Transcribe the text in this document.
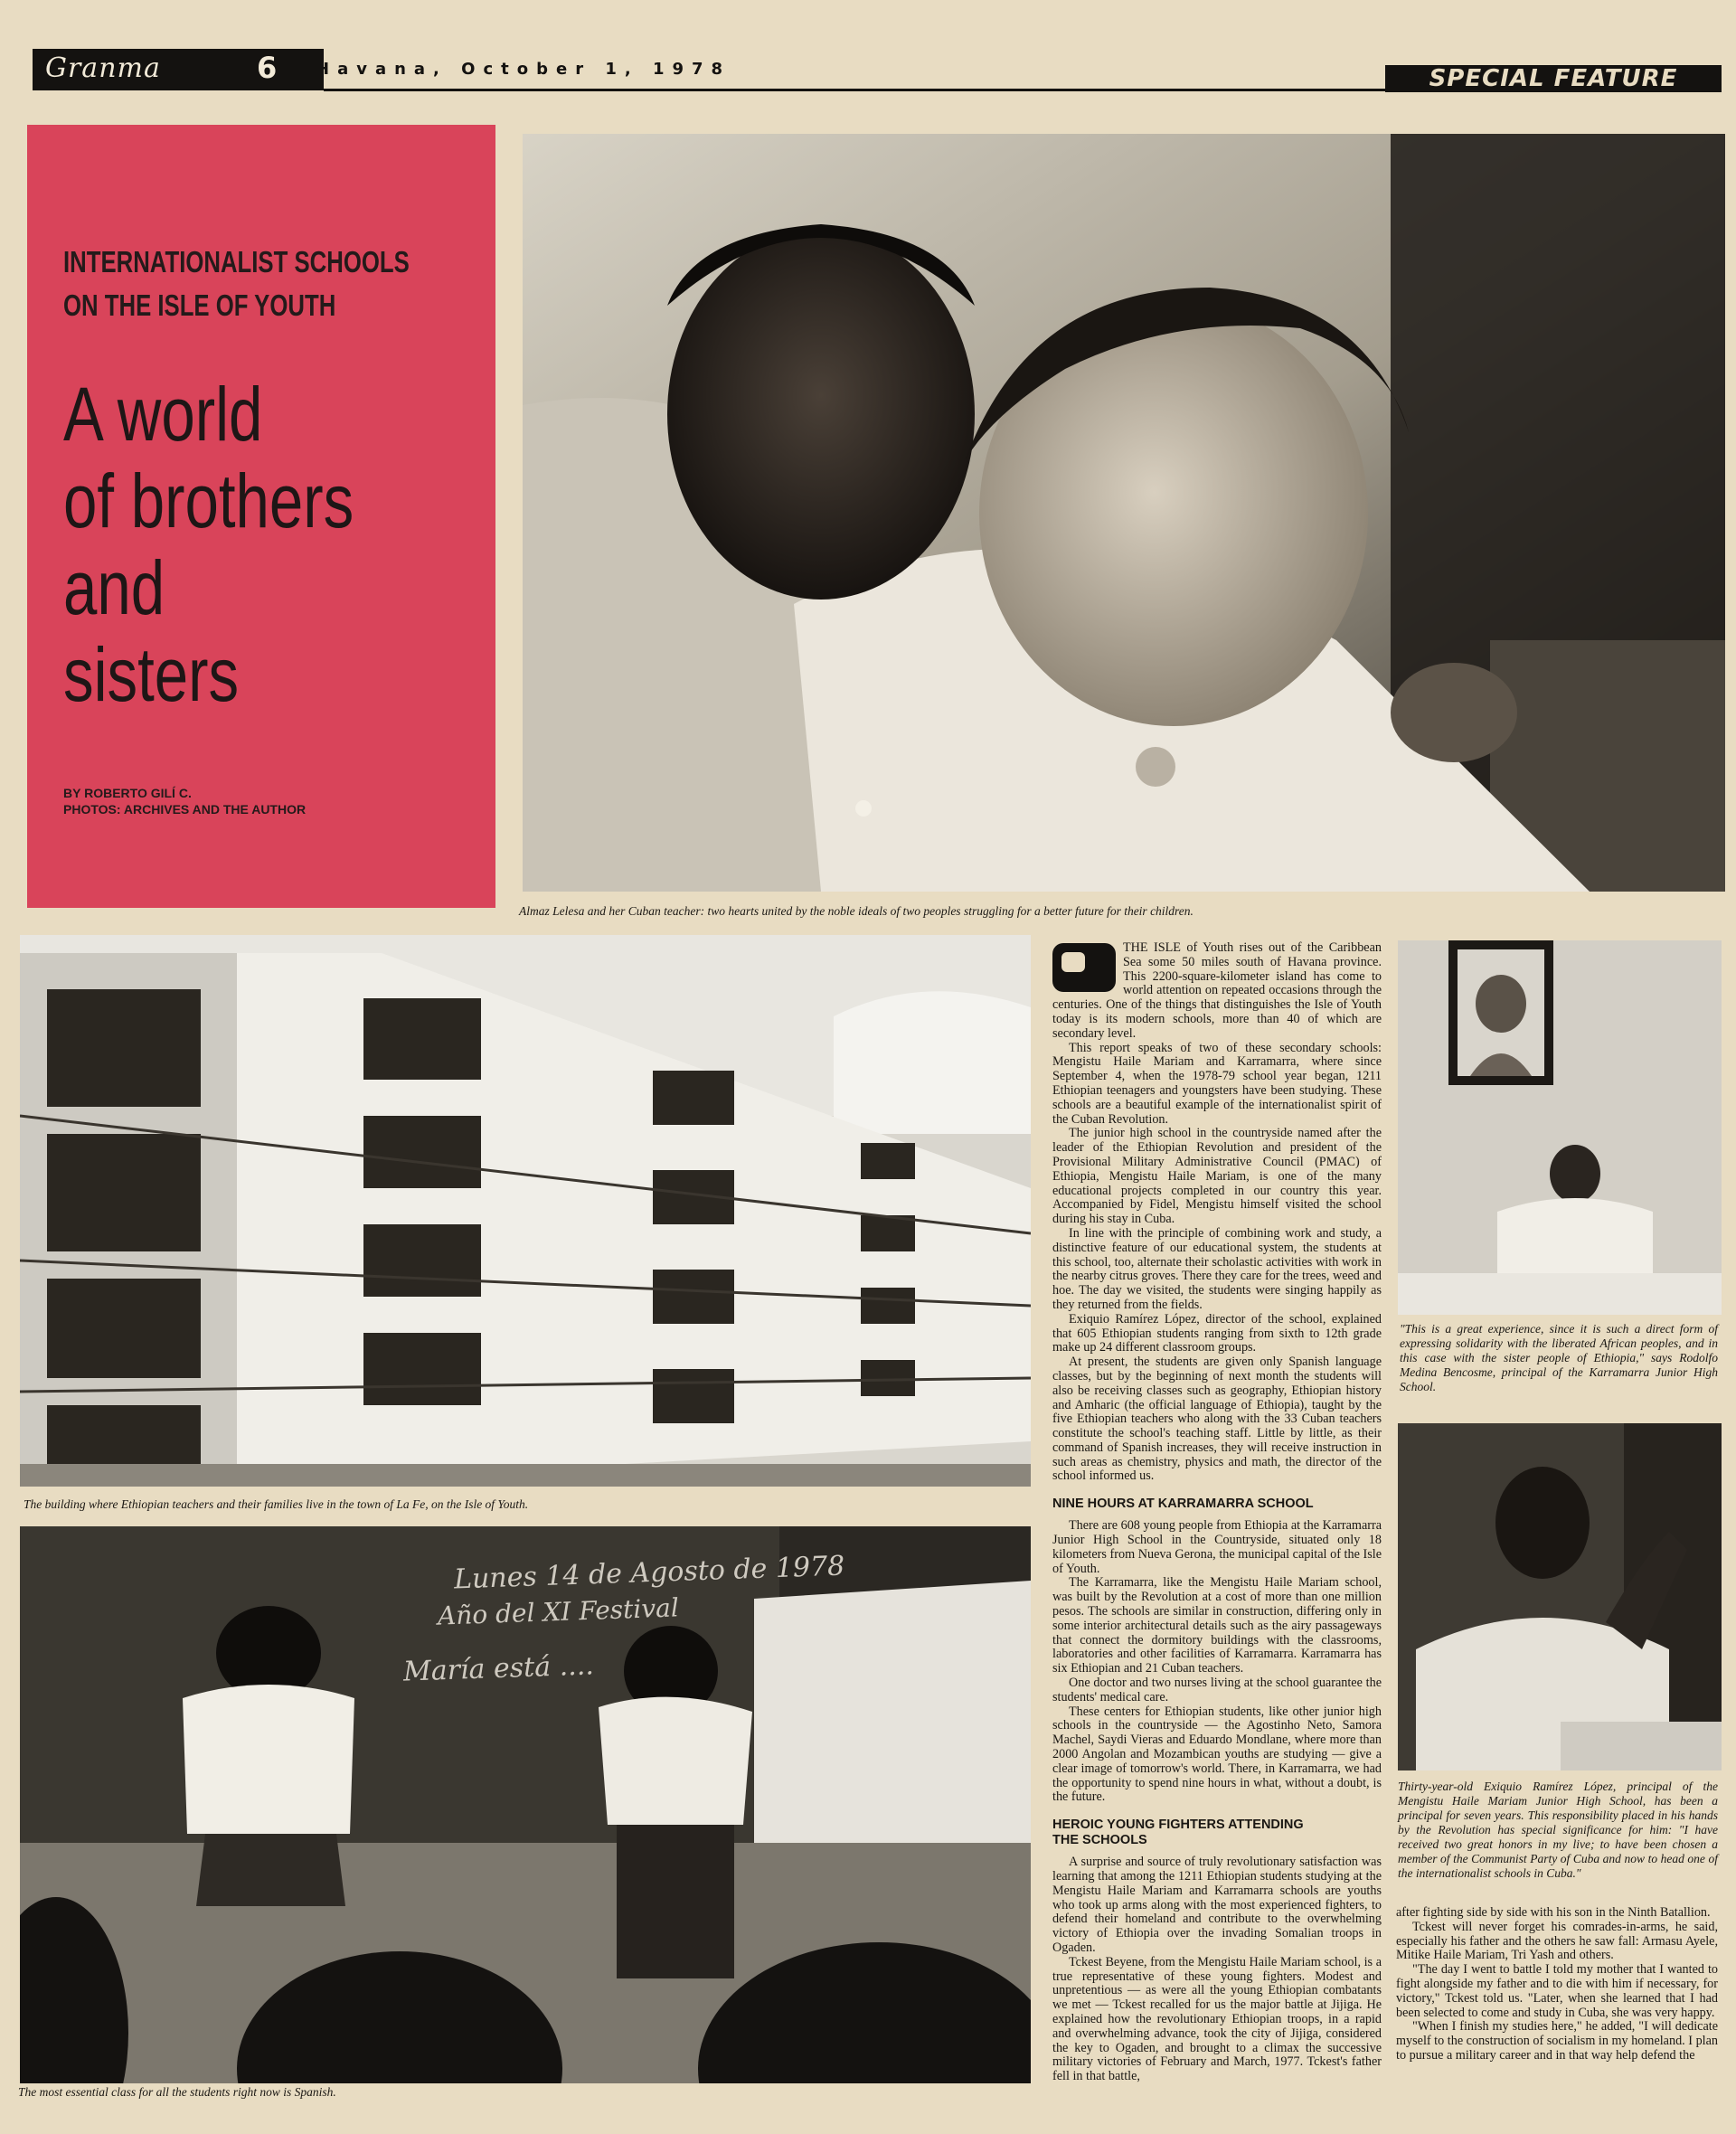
Granma	6 Havana, October 1, 1978	SPECIAL FEATURE
INTERNATIONALIST SCHOOLS
ON THE ISLE OF YOUTH
A world
of brothers
and
sisters
BY ROBERTO GILÍ C.
PHOTOS: ARCHIVES AND THE AUTHOR
Almaz Lelesa and her Cuban teacher: two hearts united by the noble ideals of two peoples struggling for a better future for their children.
The building where Ethiopian teachers and their families live in the town of La Fe, on the Isle of Youth.
Lunes 14 de Agosto de 1978
Año del XI Festival
María está ....
The most essential class for all the students right now is Spanish.
"This is a great experience, since it is such a direct form of expressing solidarity with the liberated African peoples, and in this case with the sister people of Ethiopia," says Rodolfo Medina Bencosme, principal of the Karramarra Junior High School.
Thirty-year-old Exiquio Ramírez López, principal of the Mengistu Haile Mariam Junior High School, has been a principal for seven years. This responsibility placed in his hands by the Revolution has special significance for him: "I have received two great honors in my live; to have been chosen a member of the Communist Party of Cuba and now to head one of the internationalist schools in Cuba."

THE ISLE of Youth rises out of the Caribbean Sea some 50 miles south of Havana province. This 2200-square-kilometer island has come to world attention on repeated occasions through the centuries. One of the things that distinguishes the Isle of Youth today is its modern schools, more than 40 of which are secondary level.

This report speaks of two of these secondary schools: Mengistu Haile Mariam and Karramarra, where since September 4, when the 1978-79 school year began, 1211 Ethiopian teenagers and youngsters have been studying. These schools are a beautiful example of the internationalist spirit of the Cuban Revolution.

The junior high school in the countryside named after the leader of the Ethiopian Revolution and president of the Provisional Military Administrative Council (PMAC) of Ethiopia, Mengistu Haile Mariam, is one of the many educational projects completed in our country this year. Accompanied by Fidel, Mengistu himself visited the school during his stay in Cuba.

In line with the principle of combining work and study, a distinctive feature of our educational system, the students at this school, too, alternate their scholastic activities with work in the nearby citrus groves. There they care for the trees, weed and hoe. The day we visited, the students were singing happily as they returned from the fields.

Exiquio Ramírez López, director of the school, explained that 605 Ethiopian students ranging from sixth to 12th grade make up 24 different classroom groups.

At present, the students are given only Spanish language classes, but by the beginning of next month the students will also be receiving classes such as geography, Ethiopian history and Amharic (the official language of Ethiopia), taught by the five Ethiopian teachers who along with the 33 Cuban teachers constitute the school's teaching staff. Little by little, as their command of Spanish increases, they will receive instruction in such areas as chemistry, physics and math, the director of the school informed us.

NINE HOURS AT KARRAMARRA SCHOOL

There are 608 young people from Ethiopia at the Karramarra Junior High School in the Countryside, situated only 18 kilometers from Nueva Gerona, the municipal capital of the Isle of Youth.

The Karramarra, like the Mengistu Haile Mariam school, was built by the Revolution at a cost of more than one million pesos. The schools are similar in construction, differing only in some interior architectural details such as the airy passageways that connect the dormitory buildings with the classrooms, laboratories and other facilities of Karramarra. Karramarra has six Ethiopian and 21 Cuban teachers.

One doctor and two nurses living at the school guarantee the students' medical care.

These centers for Ethiopian students, like other junior high schools in the countryside — the Agostinho Neto, Samora Machel, Saydi Vieras and Eduardo Mondlane, where more than 2000 Angolan and Mozambican youths are studying — give a clear image of tomorrow's world. There, in Karramarra, we had the opportunity to spend nine hours in what, without a doubt, is the future.

HEROIC YOUNG FIGHTERS ATTENDING
THE SCHOOLS

A surprise and source of truly revolutionary satisfaction was learning that among the 1211 Ethiopian students studying at the Mengistu Haile Mariam and Karramarra schools are youths who took up arms along with the most experienced fighters, to defend their homeland and contribute to the overwhelming victory of Ethiopia over the invading Somalian troops in Ogaden.

Tckest Beyene, from the Mengistu Haile Mariam school, is a true representative of these young fighters. Modest and unpretentious — as were all the young Ethiopian combatants we met — Tckest recalled for us the major battle at Jijiga. He explained how the revolutionary Ethiopian troops, in a rapid and overwhelming advance, took the city of Jijiga, considered the key to Ogaden, and brought to a climax the successive military victories of February and March, 1977. Tckest's father fell in that battle,

after fighting side by side with his son in the Ninth Batallion.

Tckest will never forget his comrades-in-arms, he said, especially his father and the others he saw fall: Armasu Ayele, Mitike Haile Mariam, Tri Yash and others.

"The day I went to battle I told my mother that I wanted to fight alongside my father and to die with him if necessary, for victory," Tckest told us. "Later, when she learned that I had been selected to come and study in Cuba, she was very happy.

"When I finish my studies here," he added, "I will dedicate myself to the construction of socialism in my homeland. I plan to pursue a military career and in that way help defend the
